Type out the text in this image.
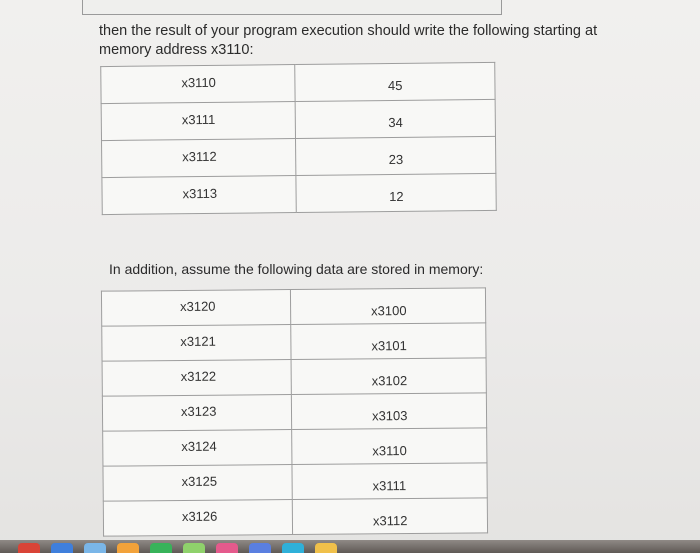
then the result of your program execution should write the following starting at memory address x3110:
x3110	45

x3111	34

x3112	23

x3113	12
In addition, assume the following data are stored in memory:
x3120	x3100

x3121	x3101

x3122	x3102

x3123	x3103

x3124	x3110

x3125	x3111

x3126	x3112
